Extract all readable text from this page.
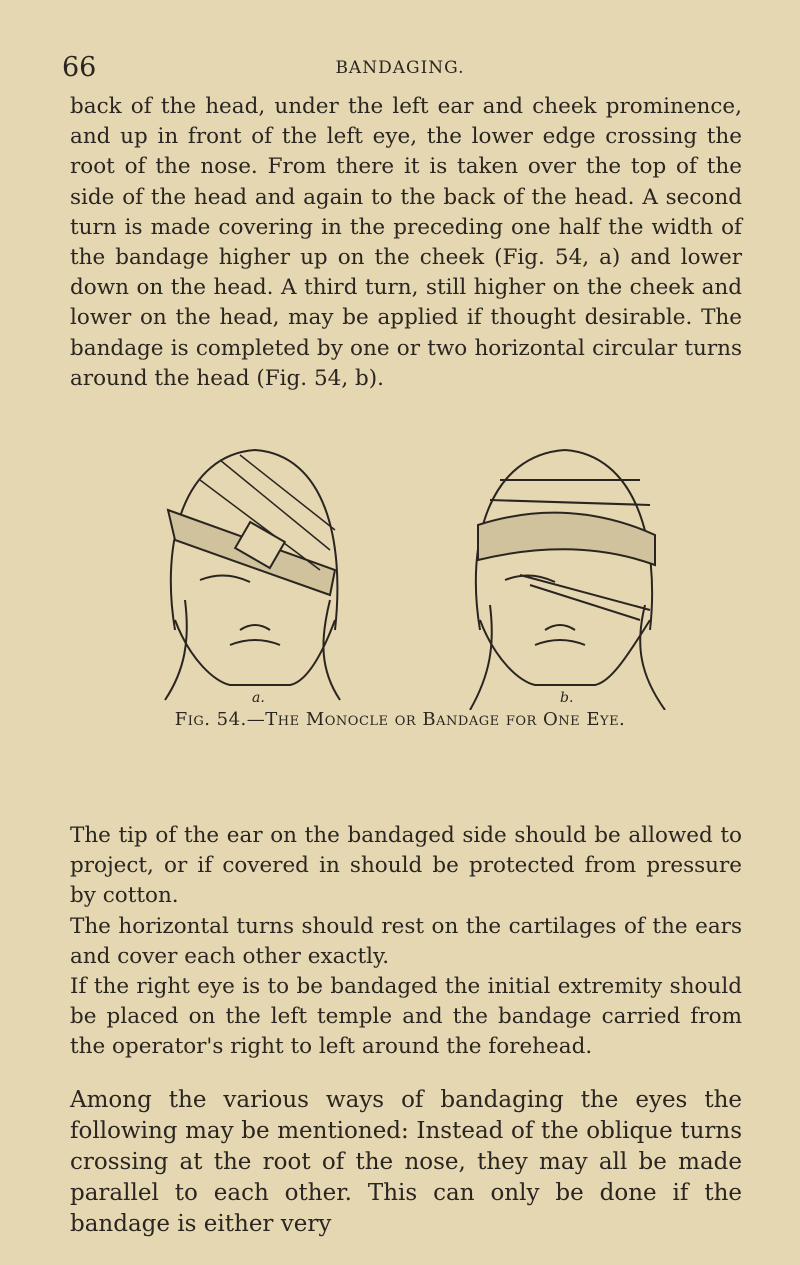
66	BANDAGING.
back of the head, under the left ear and cheek prominence, and up in front of the left eye, the lower edge crossing the root of the nose. From there it is taken over the top of the side of the head and again to the back of the head. A second turn is made covering in the preceding one half the width of the bandage higher up on the cheek (Fig. 54, a) and lower down on the head. A third turn, still higher on the cheek and lower on the head, may be applied if thought desirable. The bandage is completed by one or two horizontal circular turns around the head (Fig. 54, b).
a.	b.
Fig. 54.—The Monocle or Bandage for One Eye.
The tip of the ear on the bandaged side should be allowed to project, or if covered in should be protected from pressure by cotton.
The horizontal turns should rest on the cartilages of the ears and cover each other exactly.
If the right eye is to be bandaged the initial extremity should be placed on the left temple and the bandage carried from the operator's right to left around the forehead.
Among the various ways of bandaging the eyes the following may be mentioned: Instead of the oblique turns crossing at the root of the nose, they may all be made parallel to each other. This can only be done if the bandage is either very
